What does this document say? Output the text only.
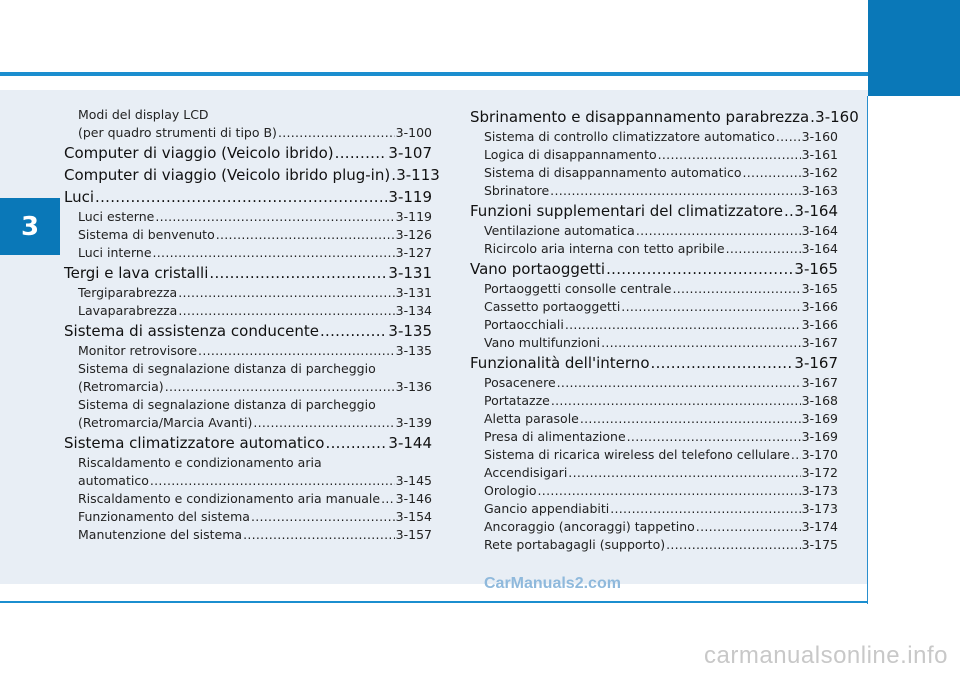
3
Modi del display LCD
(per quadro strumenti di tipo B) .....	3-100
Computer di viaggio (Veicolo ibrido) .....	3-107
Computer di viaggio (Veicolo ibrido plug-in) ..... 3-113
Luci .....	3-119
Luci esterne .....	3-119
Sistema di benvenuto .....	3-126
Luci interne .....	3-127
Tergi e lava cristalli .....	3-131
Tergiparabrezza .....	3-131
Lavaparabrezza .....	3-134
Sistema di assistenza conducente .....	3-135
Monitor retrovisore .....	3-135
Sistema di segnalazione distanza di parcheggio
(Retromarcia) .....	3-136
Sistema di segnalazione distanza di parcheggio
(Retromarcia/Marcia Avanti) .....	3-139
Sistema climatizzatore automatico .....	3-144
Riscaldamento e condizionamento aria
automatico .....	3-145
Riscaldamento e condizionamento aria manuale ..... 3-146
Funzionamento del sistema .....	3-154
Manutenzione del sistema .....	3-157
Sbrinamento e disappannamento parabrezza ..... 3-160
Sistema di controllo climatizzatore automatico ..... 3-160
Logica di disappannamento .....	3-161
Sistema di disappannamento automatico .....	3-162
Sbrinatore .....	3-163
Funzioni supplementari del climatizzatore ..... 3-164
Ventilazione automatica .....	3-164
Ricircolo aria interna con tetto apribile .....	3-164
Vano portaoggetti .....	3-165
Portaoggetti consolle centrale .....	3-165
Cassetto portaoggetti .....	3-166
Portaocchiali .....	3-166
Vano multifunzioni .....	3-167
Funzionalità dell'interno .....	3-167
Posacenere .....	3-167
Portatazze .....	3-168
Aletta parasole .....	3-169
Presa di alimentazione .....	3-169
Sistema di ricarica wireless del telefono cellulare ..... 3-170
Accendisigari .....	3-172
Orologio .....	3-173
Gancio appendiabiti .....	3-173
Ancoraggio (ancoraggi) tappetino .....	3-174
Rete portabagagli (supporto) .....	3-175
CarManuals2.com
carmanualsonline.info
